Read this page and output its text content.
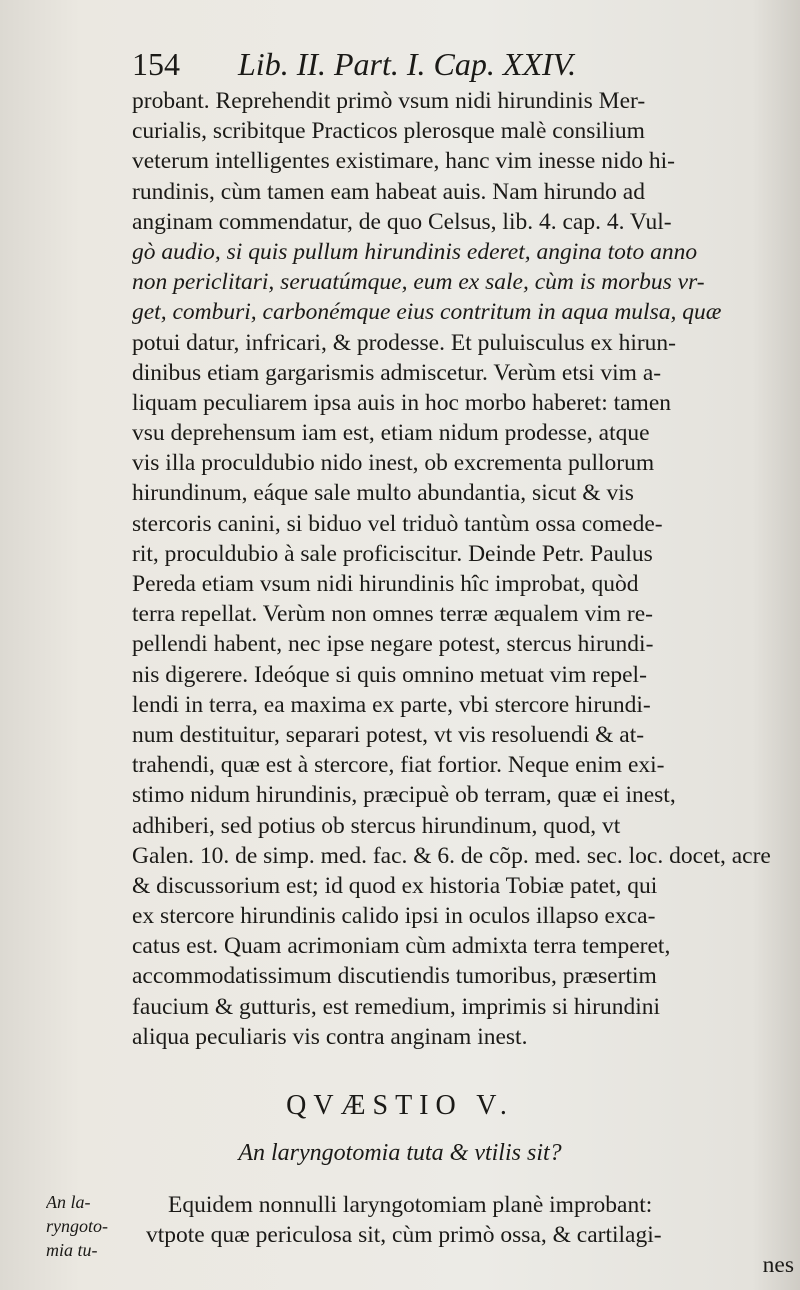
154 Lib. II. Part. I. Cap. XXIV.
probant. Reprehendit primò vsum nidi hirundinis Mer-
curialis, scribitque Practicos plerosque malè consilium
veterum intelligentes existimare, hanc vim inesse nido hi-
rundinis, cùm tamen eam habeat auis. Nam hirundo ad
anginam commendatur, de quo Celsus, lib. 4. cap. 4. Vul-
gò audio, si quis pullum hirundinis ederet, angina toto anno
non periclitari, seruatúmque, eum ex sale, cùm is morbus vr-
get, comburi, carbonémque eius contritum in aqua mulsa, quæ
potui datur, infricari, & prodesse. Et puluisculus ex hirun-
dinibus etiam gargarismis admiscetur. Verùm etsi vim a-
liquam peculiarem ipsa auis in hoc morbo haberet: tamen
vsu deprehensum iam est, etiam nidum prodesse, atque
vis illa proculdubio nido inest, ob excrementa pullorum
hirundinum, eáque sale multo abundantia, sicut & vis
stercoris canini, si biduo vel triduò tantùm ossa comede-
rit, proculdubio à sale proficiscitur. Deinde Petr. Paulus
Pereda etiam vsum nidi hirundinis hîc improbat, quòd
terra repellat. Verùm non omnes terræ æqualem vim re-
pellendi habent, nec ipse negare potest, stercus hirundi-
nis digerere. Ideóque si quis omnino metuat vim repel-
lendi in terra, ea maxima ex parte, vbi stercore hirundi-
num destituitur, separari potest, vt vis resoluendi & at-
trahendi, quæ est à stercore, fiat fortior. Neque enim exi-
stimo nidum hirundinis, præcipuè ob terram, quæ ei inest,
adhiberi, sed potius ob stercus hirundinum, quod, vt
Galen. 10. de simp. med. fac. & 6. de cõp. med. sec. loc. docet, acre
& discussorium est; id quod ex historia Tobiæ patet, qui
ex stercore hirundinis calido ipsi in oculos illapso exca-
catus est. Quam acrimoniam cùm admixta terra temperet,
accommodatissimum discutiendis tumoribus, præsertim
faucium & gutturis, est remedium, imprimis si hirundini
aliqua peculiaris vis contra anginam inest.
QVÆSTIO V.
An laryngotomia tuta & vtilis sit?
An la-
ryngoto-
mia tu-
Equidem nonnulli laryngotomiam planè improbant:
vtpote quæ periculosa sit, cùm primò ossa, & cartilagi-
nes
